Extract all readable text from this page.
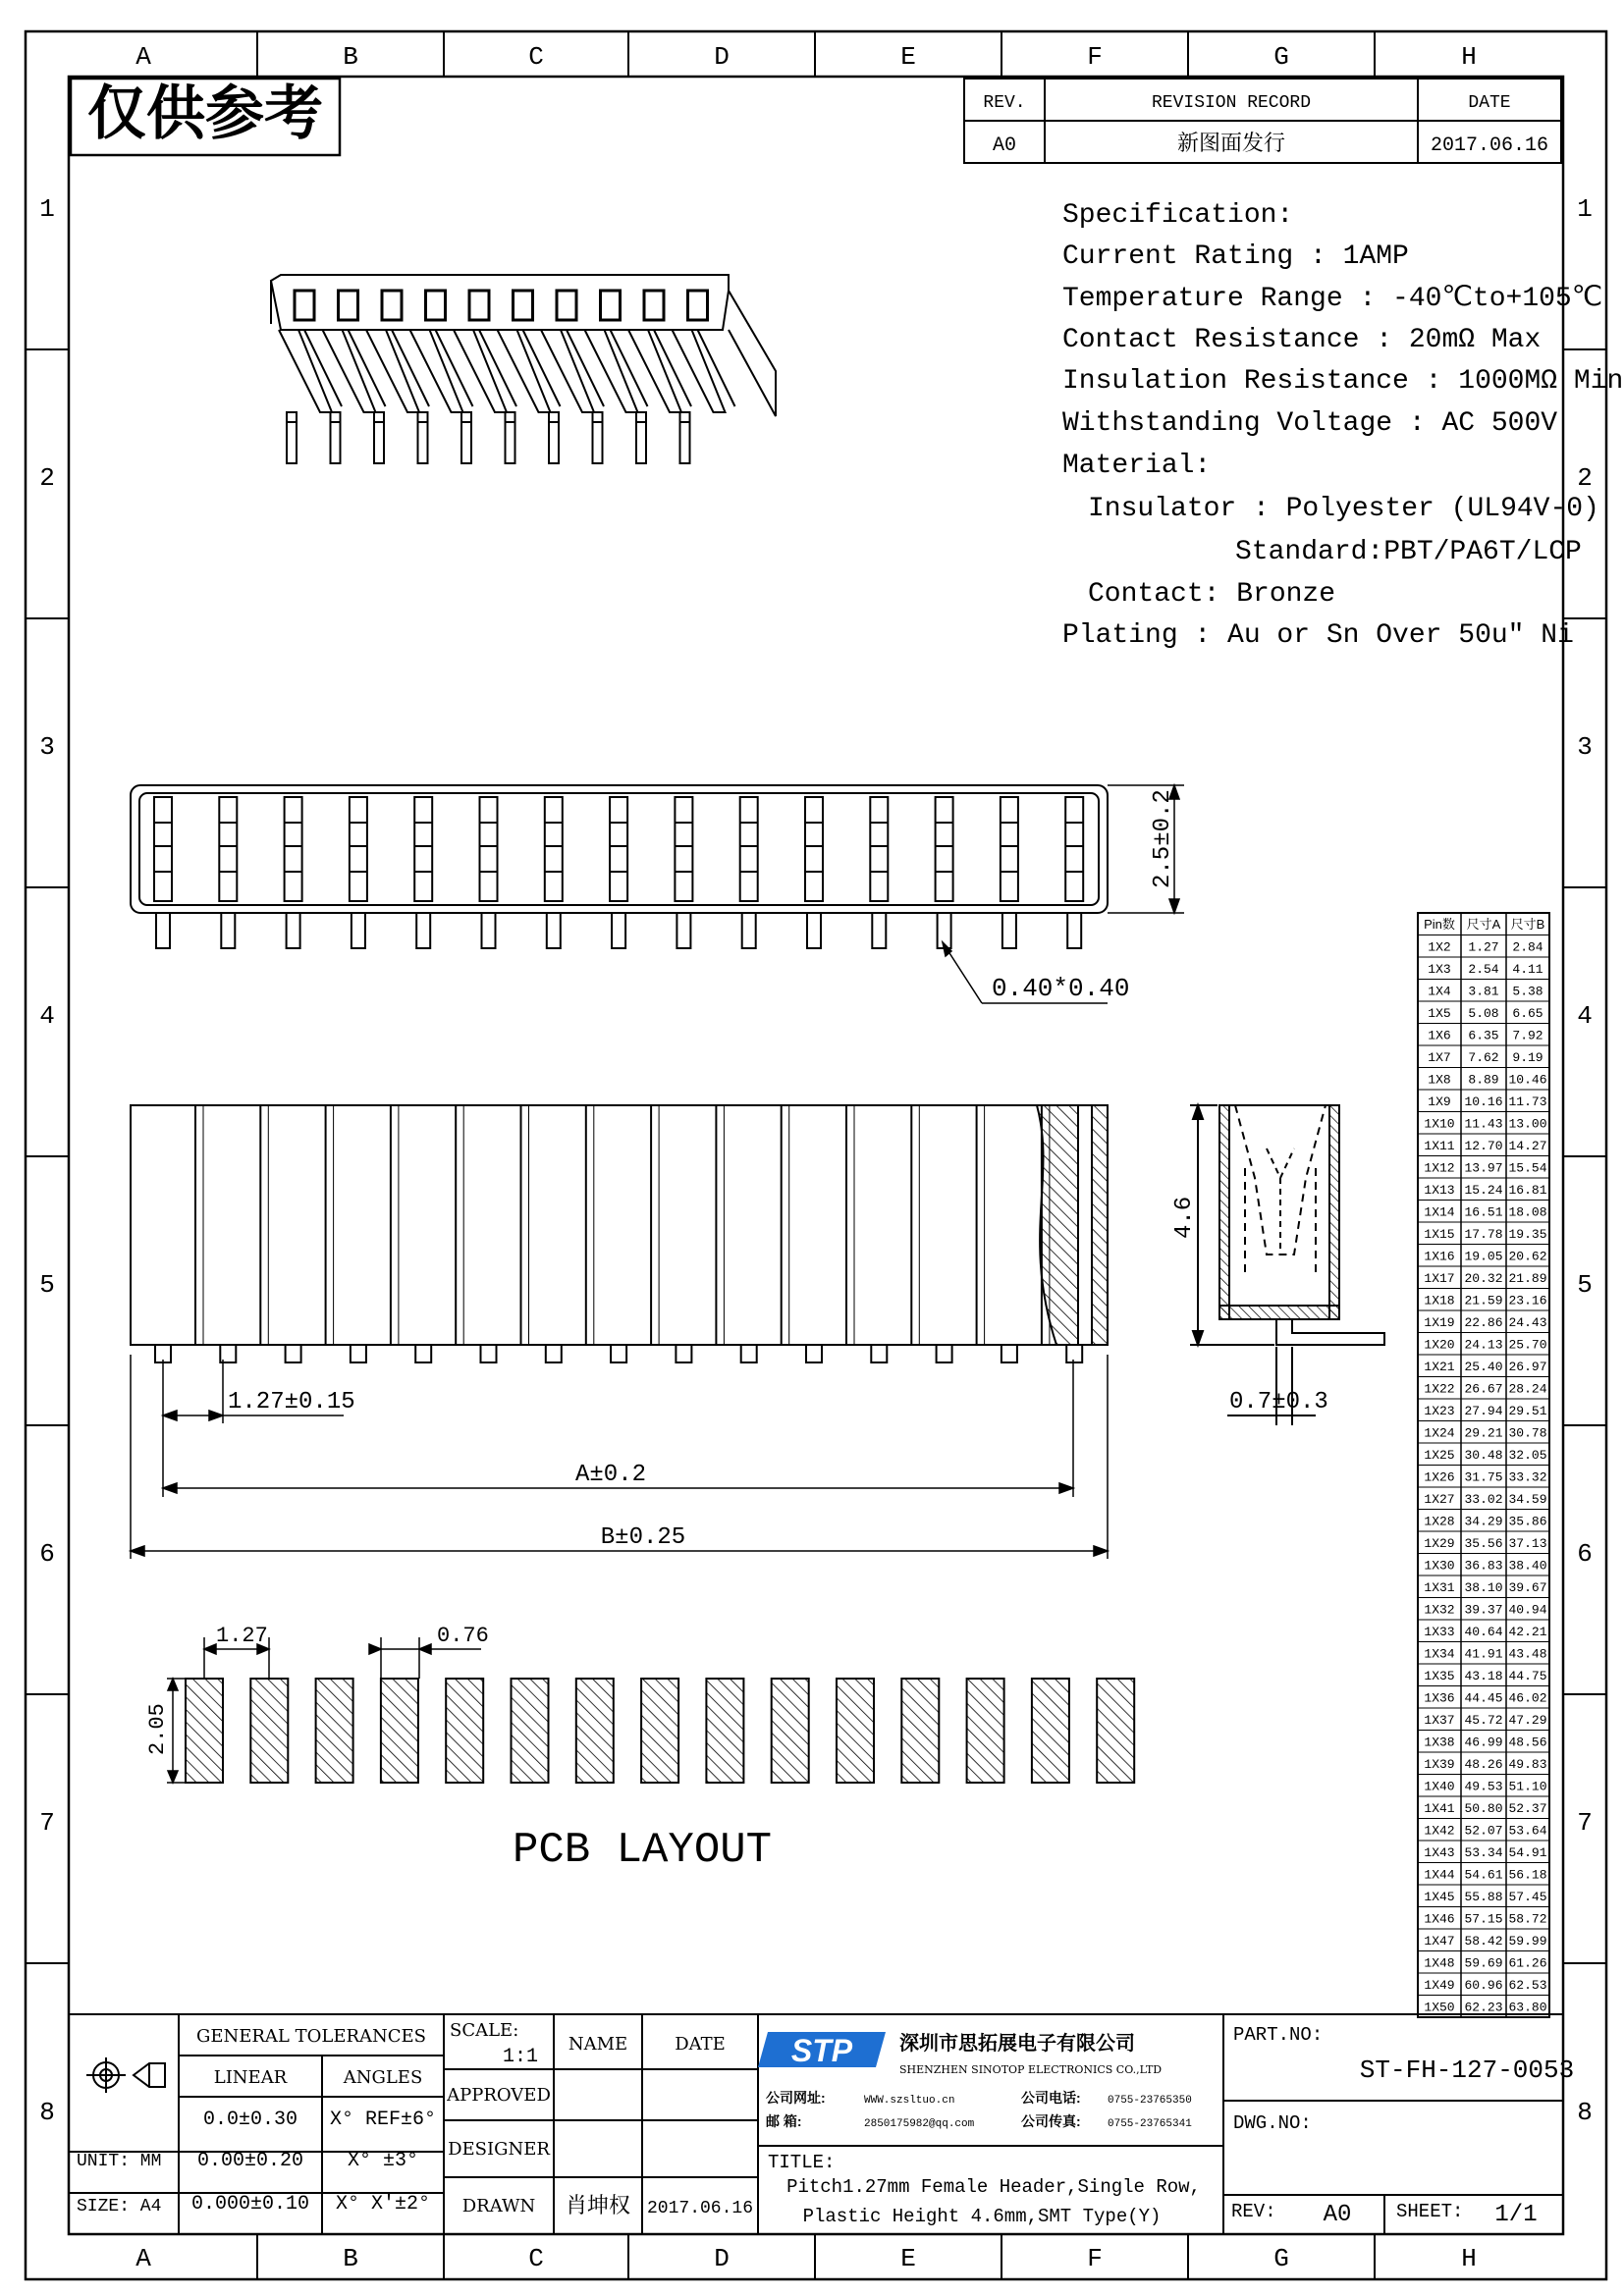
A	B	C	D	E	F	G	H
A	B	C	D	E	F	G	H
1
2
3
4
5
6
7
8
1
2
3
4
5
6
7
8
仅供参考	REV.	REVISION RECORD	DATE
A0	新图面发行	2017.06.16
Specification:
Current Rating : 1AMP
Temperature Range : -40℃to+105℃
Contact Resistance : 20mΩ Max
Insulation Resistance : 1000MΩ Min
Withstanding Voltage : AC 500V
Material:
Insulator : Polyester (UL94V-0)
Standard:PBT/PA6T/LCP
Contact: Bronze
Plating : Au or Sn Over 50u" Ni
2.5±0.2
0.40*0.40
1.27±0.15
A±0.2
B±0.25
4.6
0.7±0.3
1.27	0.76
2.05
PCB LAYOUT
Pin数 尺寸A 尺寸B
1X2 1.27 2.84
1X3 2.54 4.11
1X4 3.81 5.38
1X5 5.08 6.65
1X6 6.35 7.92
1X7 7.62 9.19
1X8 8.89 10.46
1X9 10.16 11.73
1X10 11.43 13.00
1X11 12.70 14.27
1X12 13.97 15.54
1X13 15.24 16.81
1X14 16.51 18.08
1X15 17.78 19.35
1X16 19.05 20.62
1X17 20.32 21.89
1X18 21.59 23.16
1X19 22.86 24.43
1X20 24.13 25.70
1X21 25.40 26.97
1X22 26.67 28.24
1X23 27.94 29.51
1X24 29.21 30.78
1X25 30.48 32.05
1X26 31.75 33.32
1X27 33.02 34.59
1X28 34.29 35.86
1X29 35.56 37.13
1X30 36.83 38.40
1X31 38.10 39.67
1X32 39.37 40.94
1X33 40.64 42.21
1X34 41.91 43.48
1X35 43.18 44.75
1X36 44.45 46.02
1X37 45.72 47.29
1X38 46.99 48.56
1X39 48.26 49.83
1X40 49.53 51.10
1X41 50.80 52.37
1X42 52.07 53.64
1X43 53.34 54.91
1X44 54.61 56.18
1X45 55.88 57.45
1X46 57.15 58.72
1X47 58.42 59.99
1X48 59.69 61.26
1X49 60.96 62.53
1X50 62.23 63.80
STP
GENERAL TOLERANCES
LINEAR	ANGLES
0.0±0.30 X° REF±6°
0.00±0.20 X° ±3°
0.000±0.10 X° X'±2°
UNIT: MM
SIZE: A4
SCALE:
1:1
NAME	DATE
APPROVED
DESIGNER
DRAWN 肖坤权 2017.06.16
深圳市思拓展电子有限公司
SHENZHEN SINOTOP ELECTRONICS CO.,LTD
公司网址:	WWW.szsltuo.cn
邮 箱:	2850175982@qq.com
公司电话: 0755-23765350
公司传真: 0755-23765341
TITLE:
Pitch1.27mm Female Header,Single Row,
Plastic Height 4.6mm,SMT Type(Y)
PART.NO:
ST-FH-127-0053
DWG.NO:
REV: A0 SHEET: 1/1
